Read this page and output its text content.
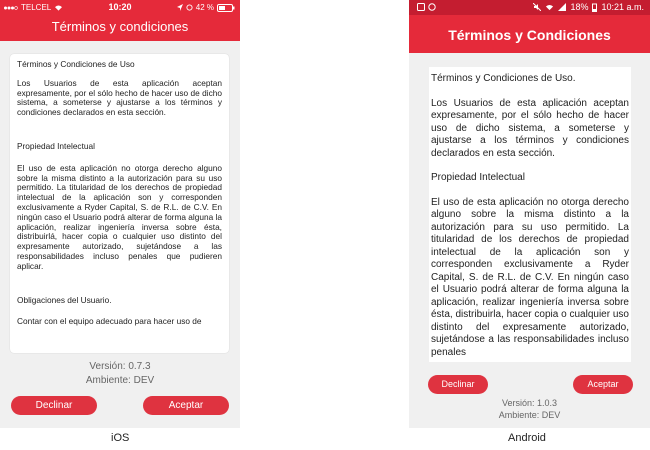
TELCEL	10:20	42 %
Términos y condiciones

Términos y Condiciones de Uso

Los Usuarios de esta aplicación aceptan expresamente, por el sólo hecho de hacer uso de dicho sistema, a someterse y ajustarse a los términos y condiciones declarados en esta sección.

Propiedad Intelectual

El uso de esta aplicación no otorga derecho alguno sobre la misma distinto a la autorización para su uso permitido. La titularidad de los derechos de propiedad intelectual de la aplicación son y corresponden exclusivamente a Ryder Capital, S. de R.L. de C.V. En ningún caso el Usuario podrá alterar de forma alguna la aplicación, realizar ingeniería inversa sobre ésta, distribuirlá, hacer copia o cualquier uso distinto del expresamente autorizado, sujetándose a las responsabilidades incluso penales que pudieren aplicar.

Obligaciones del Usuario.

Contar con el equipo adecuado para hacer uso de

Versión: 0.7.3
Ambiente: DEV
Declinar	Aceptar
iOS
18% 10:21 a.m.
Términos y Condiciones

Términos y Condiciones de Uso.

Los Usuarios de esta aplicación aceptan expresamente, por el sólo hecho de hacer uso de dicho sistema, a someterse y ajustarse a los términos y condiciones declarados en esta sección.

Propiedad Intelectual

El uso de esta aplicación no otorga derecho alguno sobre la misma distinto a la autorización para su uso permitido. La titularidad de los derechos de propiedad intelectual de la aplicación son y corresponden exclusivamente a Ryder Capital, S. de R.L. de C.V. En ningún caso el Usuario podrá alterar de forma alguna la aplicación, realizar ingeniería inversa sobre ésta, distribuirla, hacer copia o cualquier uso distinto del expresamente autorizado, sujetándose a las responsabilidades incluso penales

Declinar	Aceptar
Versión: 1.0.3
Ambiente: DEV
Android
